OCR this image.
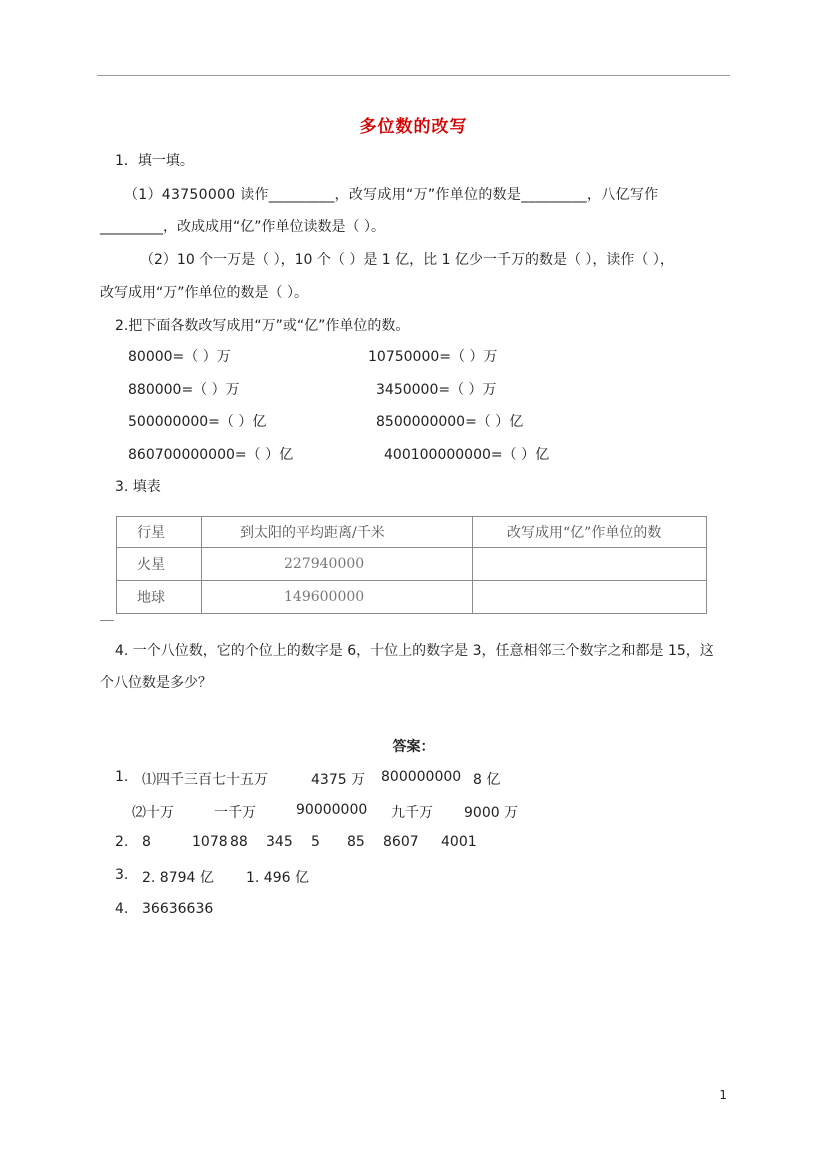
多位数的改写
1．填一填。
（1）43750000 读作_________，改写成用“万”作单位的数是_________，八亿写作
_________，改成成用“亿”作单位读数是（ ）。
（2）10 个一万是（ ），10 个（ ）是 1 亿，比 1 亿少一千万的数是（ ），读作（ ），
改写成用“万”作单位的数是（ ）。
2.把下面各数改写成用“万”或“亿”作单位的数。
80000=（ ）万	10750000=（ ）万
880000=（ ）万	3450000=（ ）万
500000000=（ ）亿	8500000000=（ ）亿
860700000000=（ ）亿	400100000000=（ ）亿
3. 填表
行星	到太阳的平均距离/千米	改写成用“亿”作单位的数
火星	227940000	
地球	149600000	
4. 一个八位数，它的个位上的数字是 6，十位上的数字是 3，任意相邻三个数字之和都是 15，这
个八位数是多少？
答案：
1. ⑴四千三百七十五万	4375 万 800000000 8 亿
⑵十万	一千万	90000000 九千万 9000 万
2. 8	1078 88 345 5 85 8607 4001
3. 2. 8794 亿 1. 496 亿
4. 36636636
1
